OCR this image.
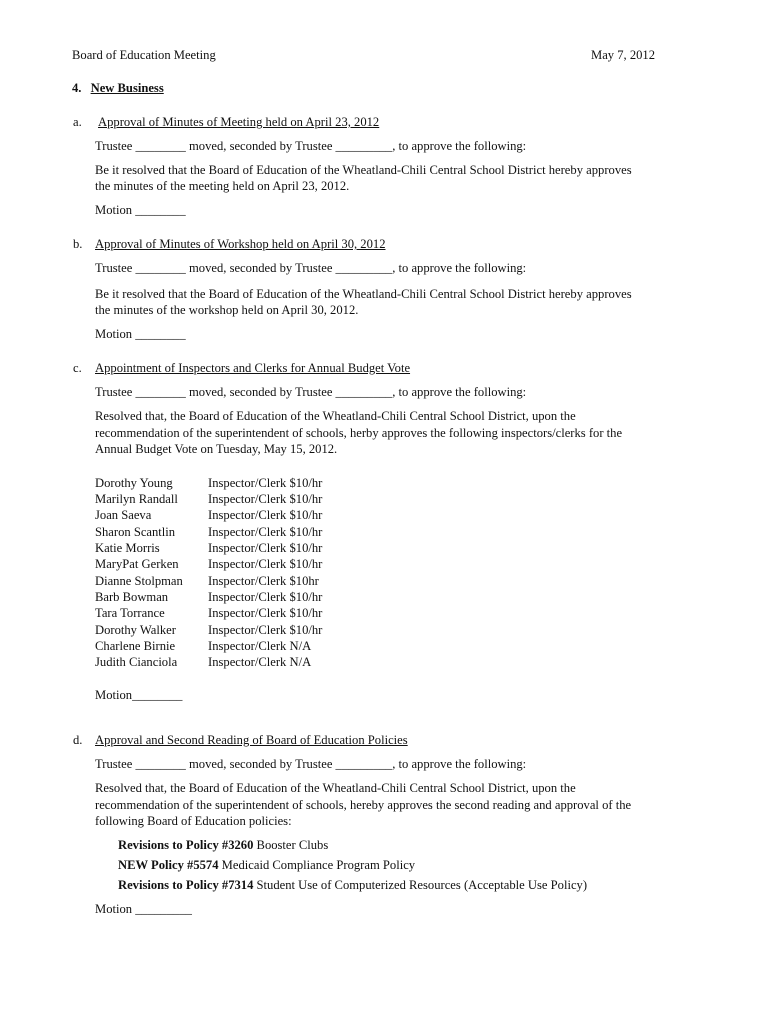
Board of Education Meeting	May 7, 2012
4. New Business
a. Approval of Minutes of Meeting held on April 23, 2012
Trustee ________ moved, seconded by Trustee _________, to approve the following:
Be it resolved that the Board of Education of the Wheatland-Chili Central School District hereby approves
the minutes of the meeting held on April 23, 2012.
Motion ________
b. Approval of Minutes of Workshop held on April 30, 2012
Trustee ________ moved, seconded by Trustee _________, to approve the following:
Be it resolved that the Board of Education of the Wheatland-Chili Central School District hereby approves
the minutes of the workshop held on April 30, 2012.
Motion ________
c. Appointment of Inspectors and Clerks for Annual Budget Vote
Trustee ________ moved, seconded by Trustee _________, to approve the following:
Resolved that, the Board of Education of the Wheatland-Chili Central School District, upon the
recommendation of the superintendent of schools, herby approves the following inspectors/clerks for the
Annual Budget Vote on Tuesday, May 15, 2012.
Dorothy Young	Inspector/Clerk $10/hr
Marilyn Randall Inspector/Clerk $10/hr
Joan Saeva	Inspector/Clerk $10/hr
Sharon Scantlin	Inspector/Clerk $10/hr
Katie Morris	Inspector/Clerk $10/hr
MaryPat Gerken Inspector/Clerk $10/hr
Dianne Stolpman Inspector/Clerk $10hr
Barb Bowman	Inspector/Clerk $10/hr
Tara Torrance	Inspector/Clerk $10/hr
Dorothy Walker	Inspector/Clerk $10/hr
Charlene Birnie	Inspector/Clerk N/A
Judith Cianciola Inspector/Clerk N/A
Motion________
d. Approval and Second Reading of Board of Education Policies
Trustee ________ moved, seconded by Trustee _________, to approve the following:
Resolved that, the Board of Education of the Wheatland-Chili Central School District, upon the
recommendation of the superintendent of schools, hereby approves the second reading and approval of the
following Board of Education policies:
Revisions to Policy #3260 Booster Clubs
NEW Policy #5574 Medicaid Compliance Program Policy
Revisions to Policy #7314 Student Use of Computerized Resources (Acceptable Use Policy)
Motion _________
